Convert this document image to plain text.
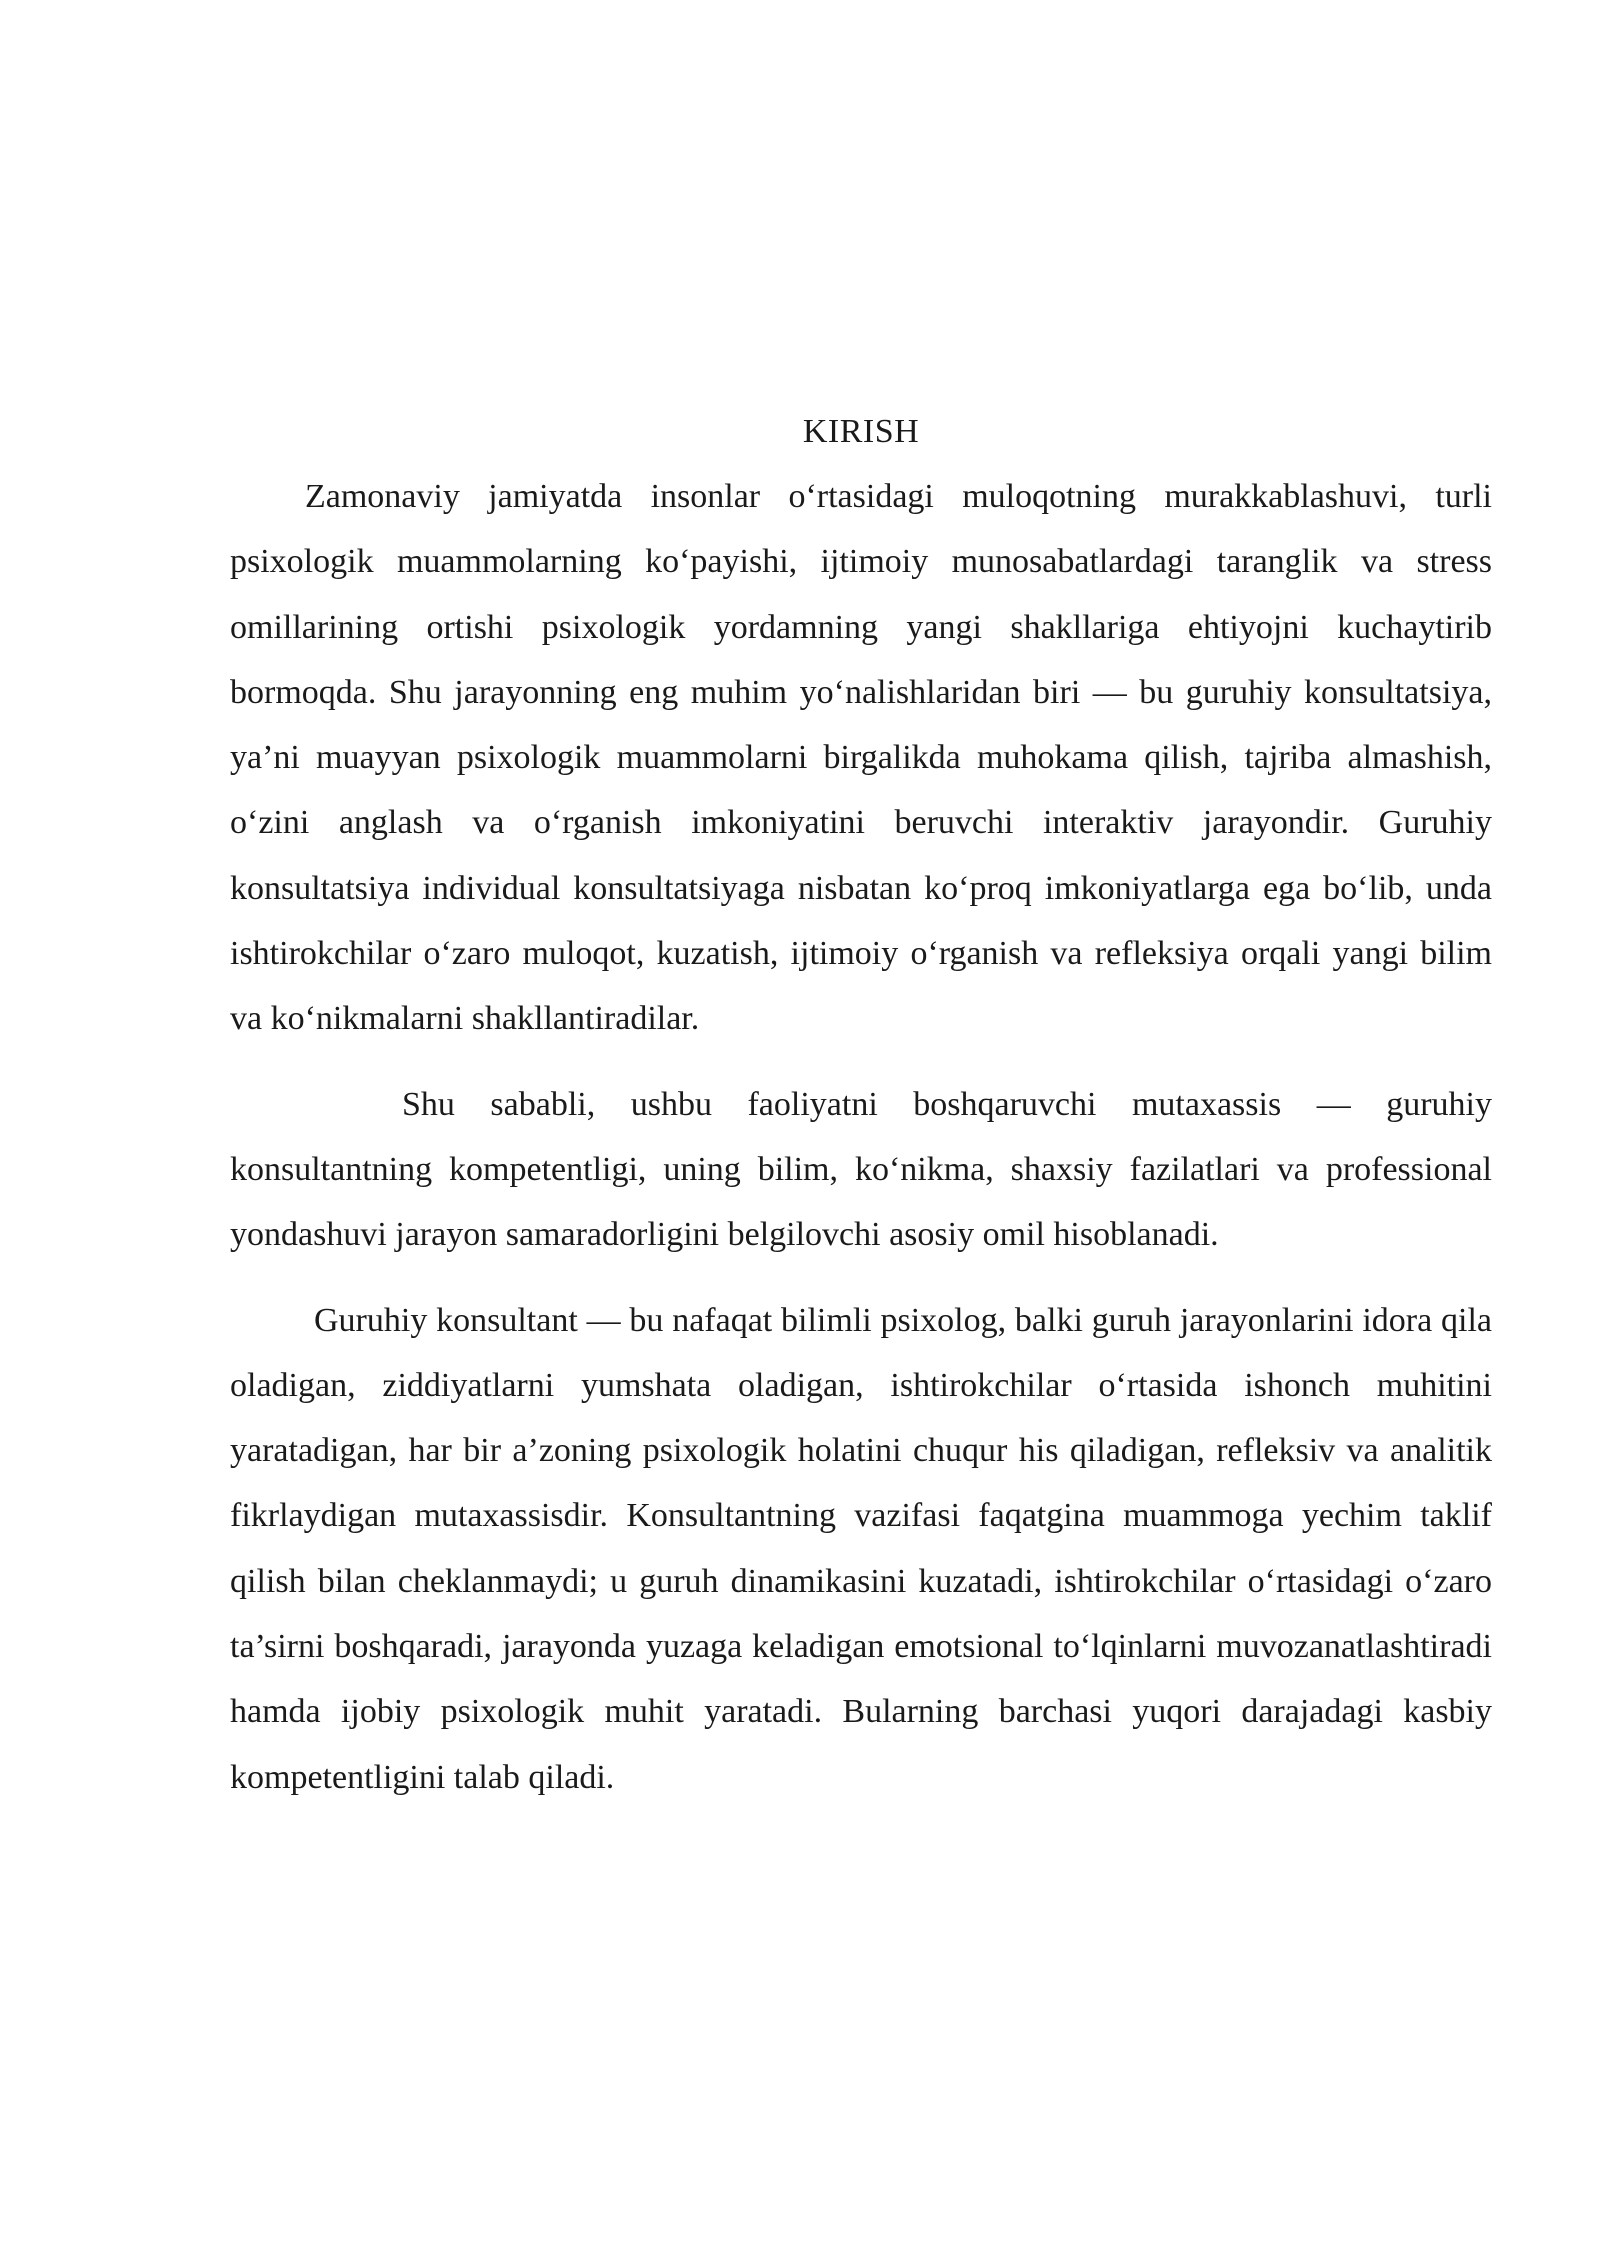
KIRISH

Zamonaviy jamiyatda insonlar o‘rtasidagi muloqotning murakkablashuvi, turli psixologik muammolarning ko‘payishi, ijtimoiy munosabatlardagi taranglik va stress omillarining ortishi psixologik yordamning yangi shakllariga ehtiyojni kuchaytirib bormoqda. Shu jarayonning eng muhim yo‘nalishlaridan biri — bu guruhiy konsultatsiya, ya’ni muayyan psixologik muammolarni birgalikda muhokama qilish, tajriba almashish, o‘zini anglash va o‘rganish imkoniyatini beruvchi interaktiv jarayondir. Guruhiy konsultatsiya individual konsultatsiyaga nisbatan ko‘proq imkoniyatlarga ega bo‘lib, unda ishtirokchilar o‘zaro muloqot, kuzatish, ijtimoiy o‘rganish va refleksiya orqali yangi bilim va ko‘nikmalarni shakllantiradilar.

Shu sababli, ushbu faoliyatni boshqaruvchi mutaxassis — guruhiy konsultantning kompetentligi, uning bilim, ko‘nikma, shaxsiy fazilatlari va professional yondashuvi jarayon samaradorligini belgilovchi asosiy omil hisoblanadi.

Guruhiy konsultant — bu nafaqat bilimli psixolog, balki guruh jarayonlarini idora qila oladigan, ziddiyatlarni yumshata oladigan, ishtirokchilar o‘rtasida ishonch muhitini yaratadigan, har bir a’zoning psixologik holatini chuqur his qiladigan, refleksiv va analitik fikrlaydigan mutaxassisdir. Konsultantning vazifasi faqatgina muammoga yechim taklif qilish bilan cheklanmaydi; u guruh dinamikasini kuzatadi, ishtirokchilar o‘rtasidagi o‘zaro ta’sirni boshqaradi, jarayonda yuzaga keladigan emotsional to‘lqinlarni muvozanatlashtiradi hamda ijobiy psixologik muhit yaratadi. Bularning barchasi yuqori darajadagi kasbiy kompetentligini talab qiladi.
